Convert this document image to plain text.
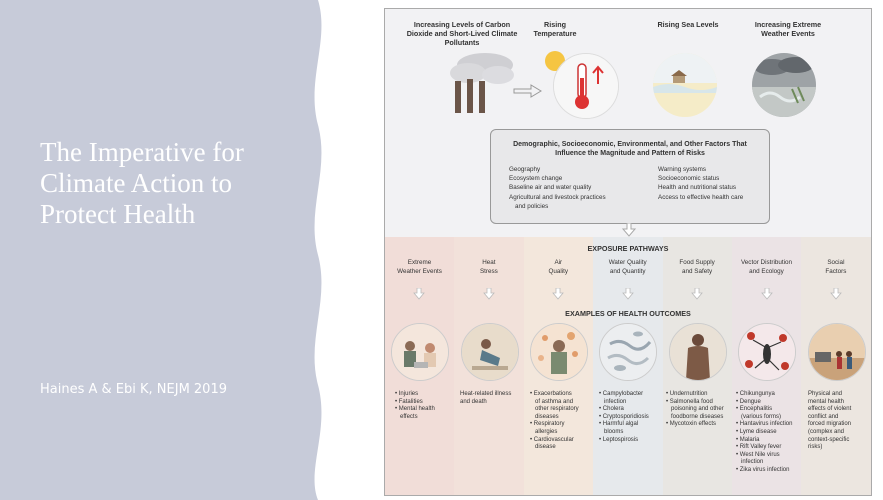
The Imperative for Climate Action to Protect Health
Haines A & Ebi K, NEJM 2019
Increasing Levels of Carbon Dioxide and Short-Lived Climate Pollutants
Rising Temperature
Rising Sea Levels	Increasing Extreme Weather Events
Demographic, Socioeconomic, Environmental, and Other Factors That Influence the Magnitude and Pattern of Risks
Geography
Ecosystem change
Baseline air and water quality
Agricultural and livestock practices
and policies
Warning systems
Socioeconomic status
Health and nutritional status
Access to effective health care
EXPOSURE PATHWAYS
Extreme
Weather Events
Heat
Stress
Air
Quality
Water Quality
and Quantity
Food Supply
and Safety
Vector Distribution
and Ecology
Social
Factors
EXAMPLES OF HEALTH OUTCOMES
• Injuries
• Fatalities
• Mental health
effects
Heat-related illness
and death
• Exacerbations
of asthma and
other respiratory
diseases
• Respiratory
allergies
• Cardiovascular
disease
• Campylobacter
infection
• Cholera
• Cryptosporidiosis
• Harmful algal
blooms
• Leptospirosis
• Undernutrition
• Salmonella food
poisoning and other
foodborne diseases
• Mycotoxin effects
• Chikungunya
• Dengue
• Encephalitis
(various forms)
• Hantavirus infection
• Lyme disease
• Malaria
• Rift Valley fever
• West Nile virus
infection
• Zika virus infection
Physical and
mental health
effects of violent
conflict and
forced migration
(complex and
context-specific
risks)
